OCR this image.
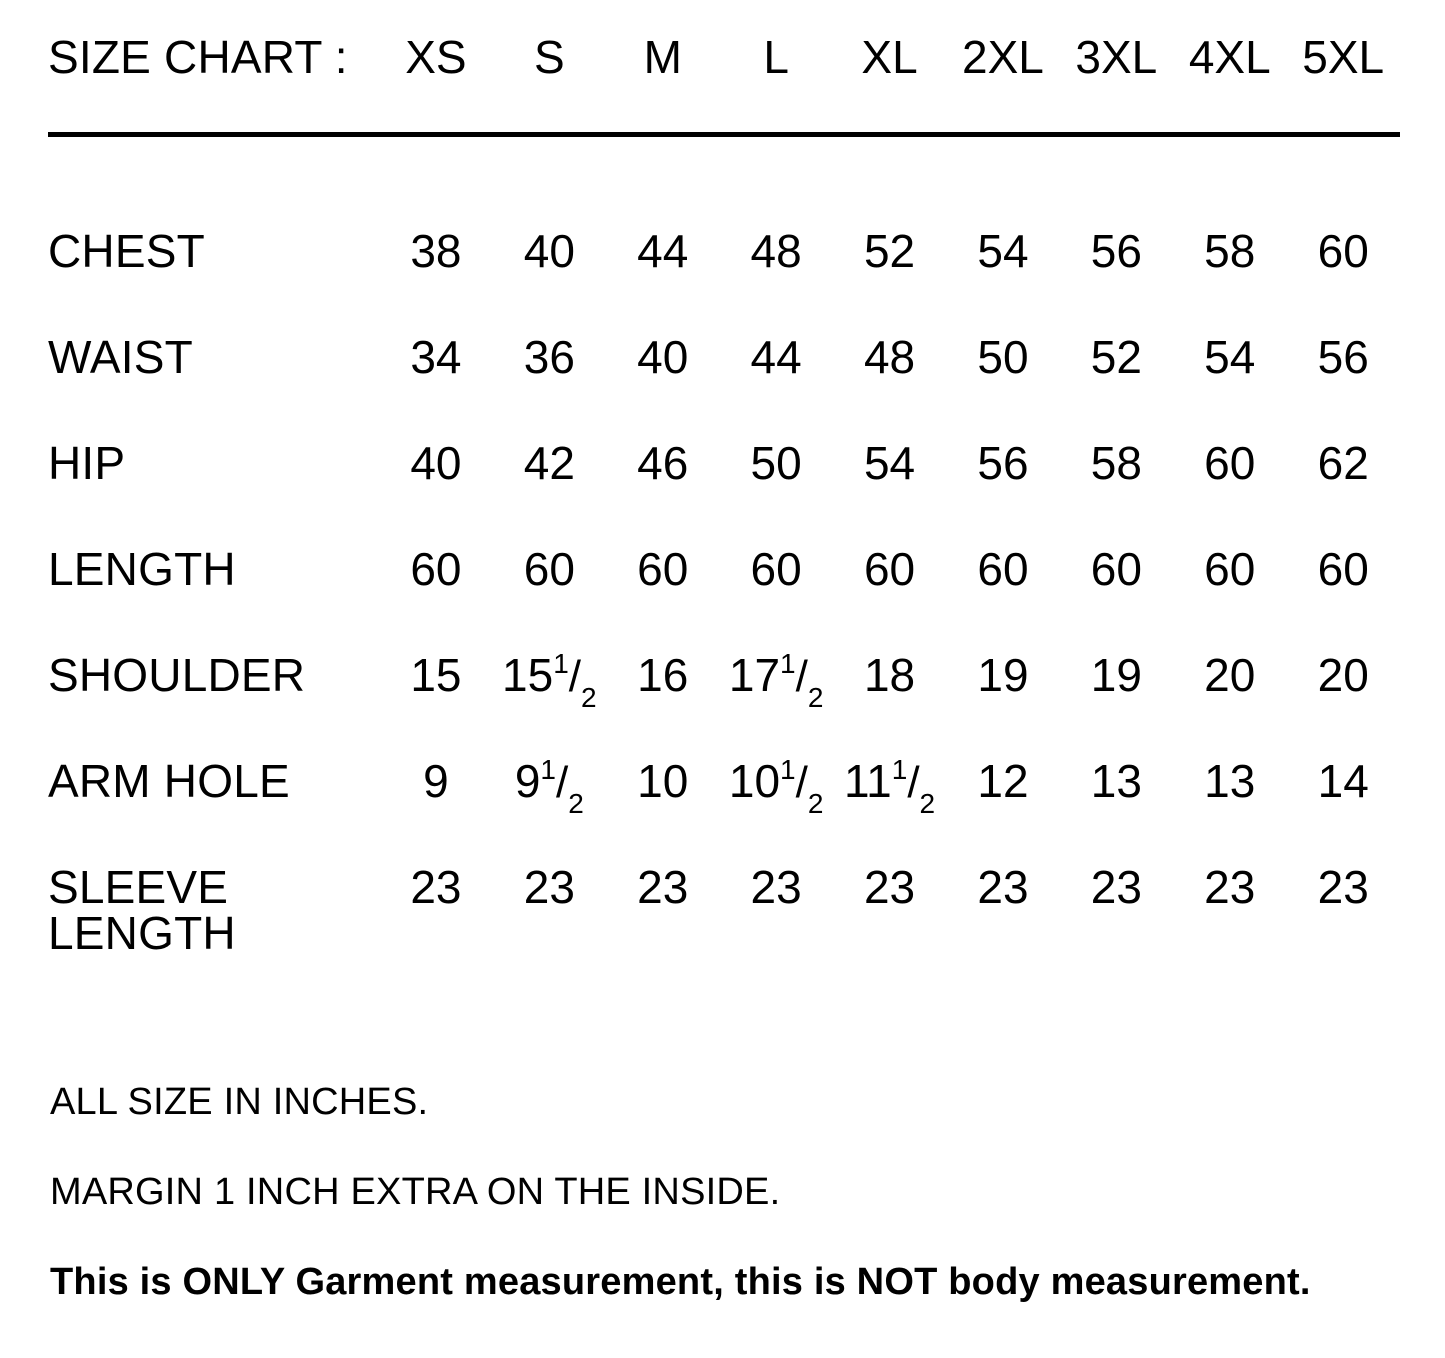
SIZE CHART :	XS	S	M	L	XL	2XL	3XL	4XL	5XL

CHEST	38	40	44	48	52	54	56	58	60
WAIST	34	36	40	44	48	50	52	54	56
HIP	40	42	46	50	54	56	58	60	62
LENGTH	60	60	60	60	60	60	60	60	60
SHOULDER	15	$15^1/_2$	16	$17^1/_2$	18	19	19	20	20
ARM HOLE	9	$9^1/_2$	10	$10^1/_2$	$11^1/_2$	12	13	13	14
SLEEVE LENGTH	23	23	23	23	23	23	23	23	23

ALL SIZE IN INCHES.

MARGIN 1 INCH EXTRA ON THE INSIDE.

This is ONLY Garment measurement, this is NOT body measurement.
